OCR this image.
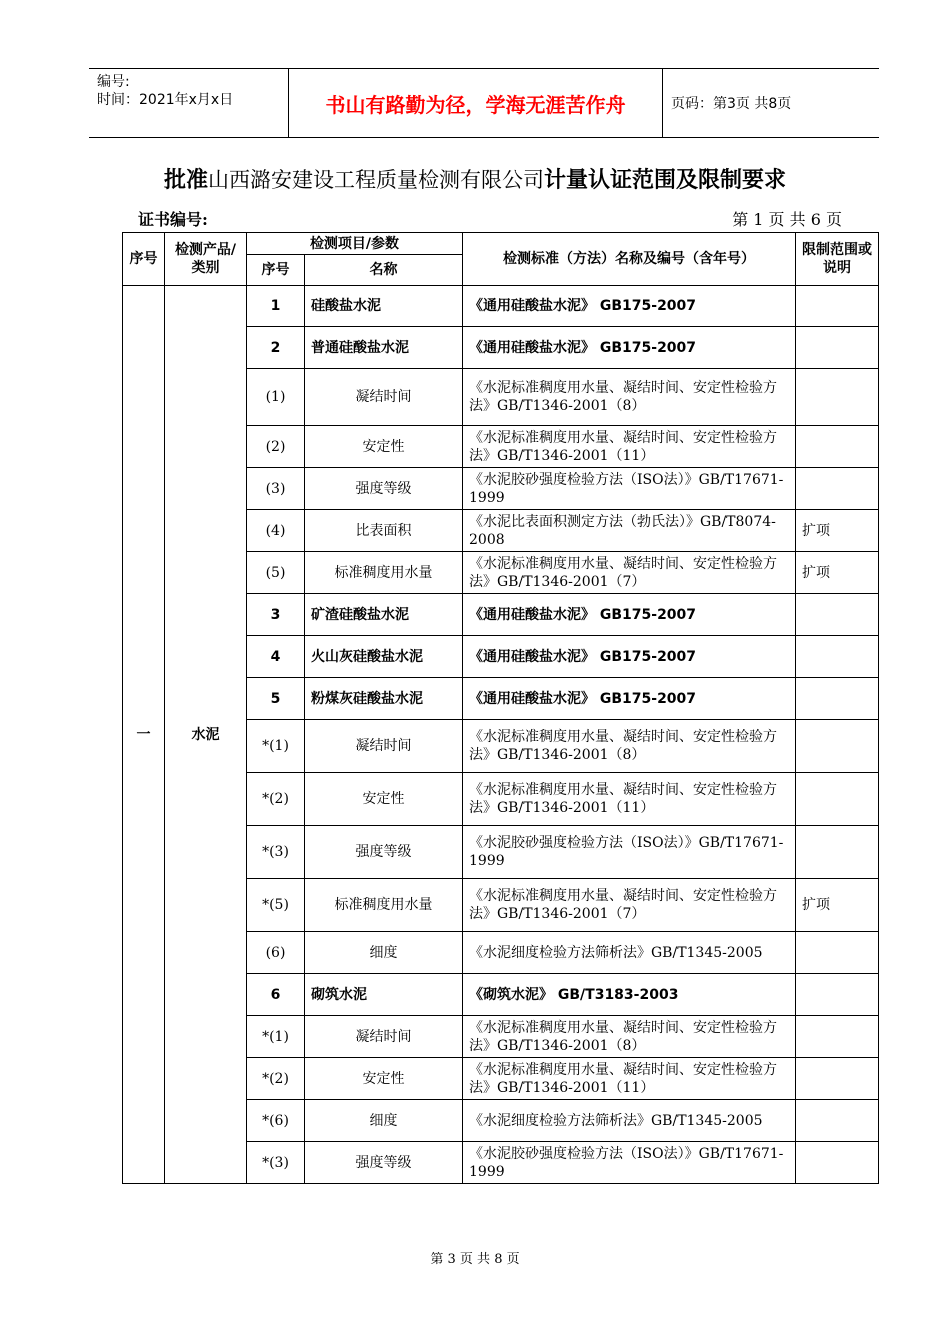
编号:
时间：2021年x月x日	书山有路勤为径，学海无涯苦作舟	页码：第3页 共8页
批准山西潞安建设工程质量检测有限公司计量认证范围及限制要求
证书编号:	第 1 页 共 6 页
序号	检测产品/类别	检测项目/参数		检测标准（方法）名称及编号（含年号）	限制范围或说明
		序号	名称		
一	水泥	1	硅酸盐水泥	《通用硅酸盐水泥》 GB175-2007	
		2	普通硅酸盐水泥	《通用硅酸盐水泥》 GB175-2007	
		(1)	凝结时间	《水泥标准稠度用水量、凝结时间、安定性检验方法》GB/T1346-2001（8）	
		(2)	安定性	《水泥标准稠度用水量、凝结时间、安定性检验方法》GB/T1346-2001（11）	
		(3)	强度等级	《水泥胶砂强度检验方法（ISO法）》GB/T17671-1999	
		(4)	比表面积	《水泥比表面积测定方法（勃氏法）》GB/T8074-2008	扩项
		(5)	标准稠度用水量	《水泥标准稠度用水量、凝结时间、安定性检验方法》GB/T1346-2001（7）	扩项
		3	矿渣硅酸盐水泥	《通用硅酸盐水泥》 GB175-2007	
		4	火山灰硅酸盐水泥	《通用硅酸盐水泥》 GB175-2007	
		5	粉煤灰硅酸盐水泥	《通用硅酸盐水泥》 GB175-2007	
		*(1)	凝结时间	《水泥标准稠度用水量、凝结时间、安定性检验方法》GB/T1346-2001（8）	
		*(2)	安定性	《水泥标准稠度用水量、凝结时间、安定性检验方法》GB/T1346-2001（11）	
		*(3)	强度等级	《水泥胶砂强度检验方法（ISO法）》GB/T17671-1999	
		*(5)	标准稠度用水量	《水泥标准稠度用水量、凝结时间、安定性检验方法》GB/T1346-2001（7）	扩项
		(6)	细度	《水泥细度检验方法筛析法》GB/T1345-2005	
		6	砌筑水泥	《砌筑水泥》 GB/T3183-2003	
		*(1)	凝结时间	《水泥标准稠度用水量、凝结时间、安定性检验方法》GB/T1346-2001（8）	
		*(2)	安定性	《水泥标准稠度用水量、凝结时间、安定性检验方法》GB/T1346-2001（11）	
		*(6)	细度	《水泥细度检验方法筛析法》GB/T1345-2005	
		*(3)	强度等级	《水泥胶砂强度检验方法（ISO法）》GB/T17671-1999	
第 3 页 共 8 页
